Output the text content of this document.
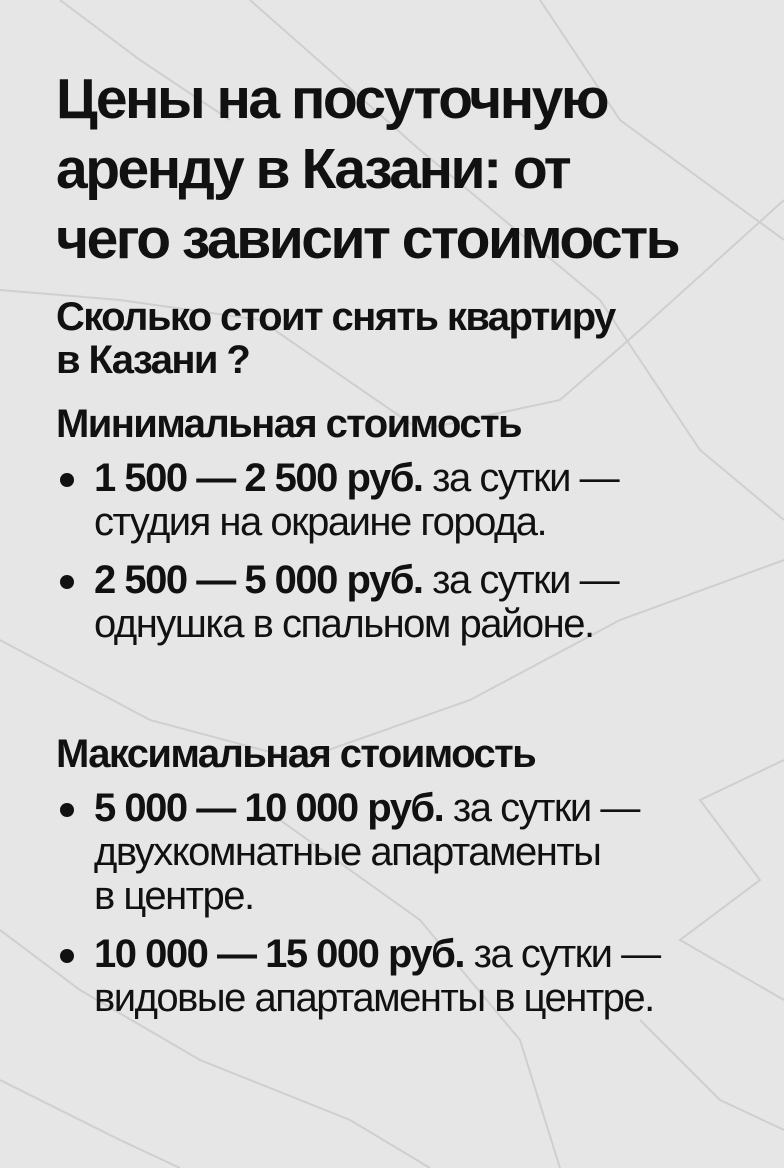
Цены на посуточную
аренду в Казани: от
чего зависит стоимость
Сколько стоит снять квартиру
в Казани ?
Минимальная стоимость
1 500 — 2 500 руб. за сутки —
студия на окраине города.
2 500 — 5 000 руб. за сутки —
однушка в спальном районе.
Максимальная стоимость
5 000 — 10 000 руб. за сутки —
двухкомнатные апартаменты
в центре.
10 000 — 15 000 руб. за сутки —
видовые апартаменты в центре.
